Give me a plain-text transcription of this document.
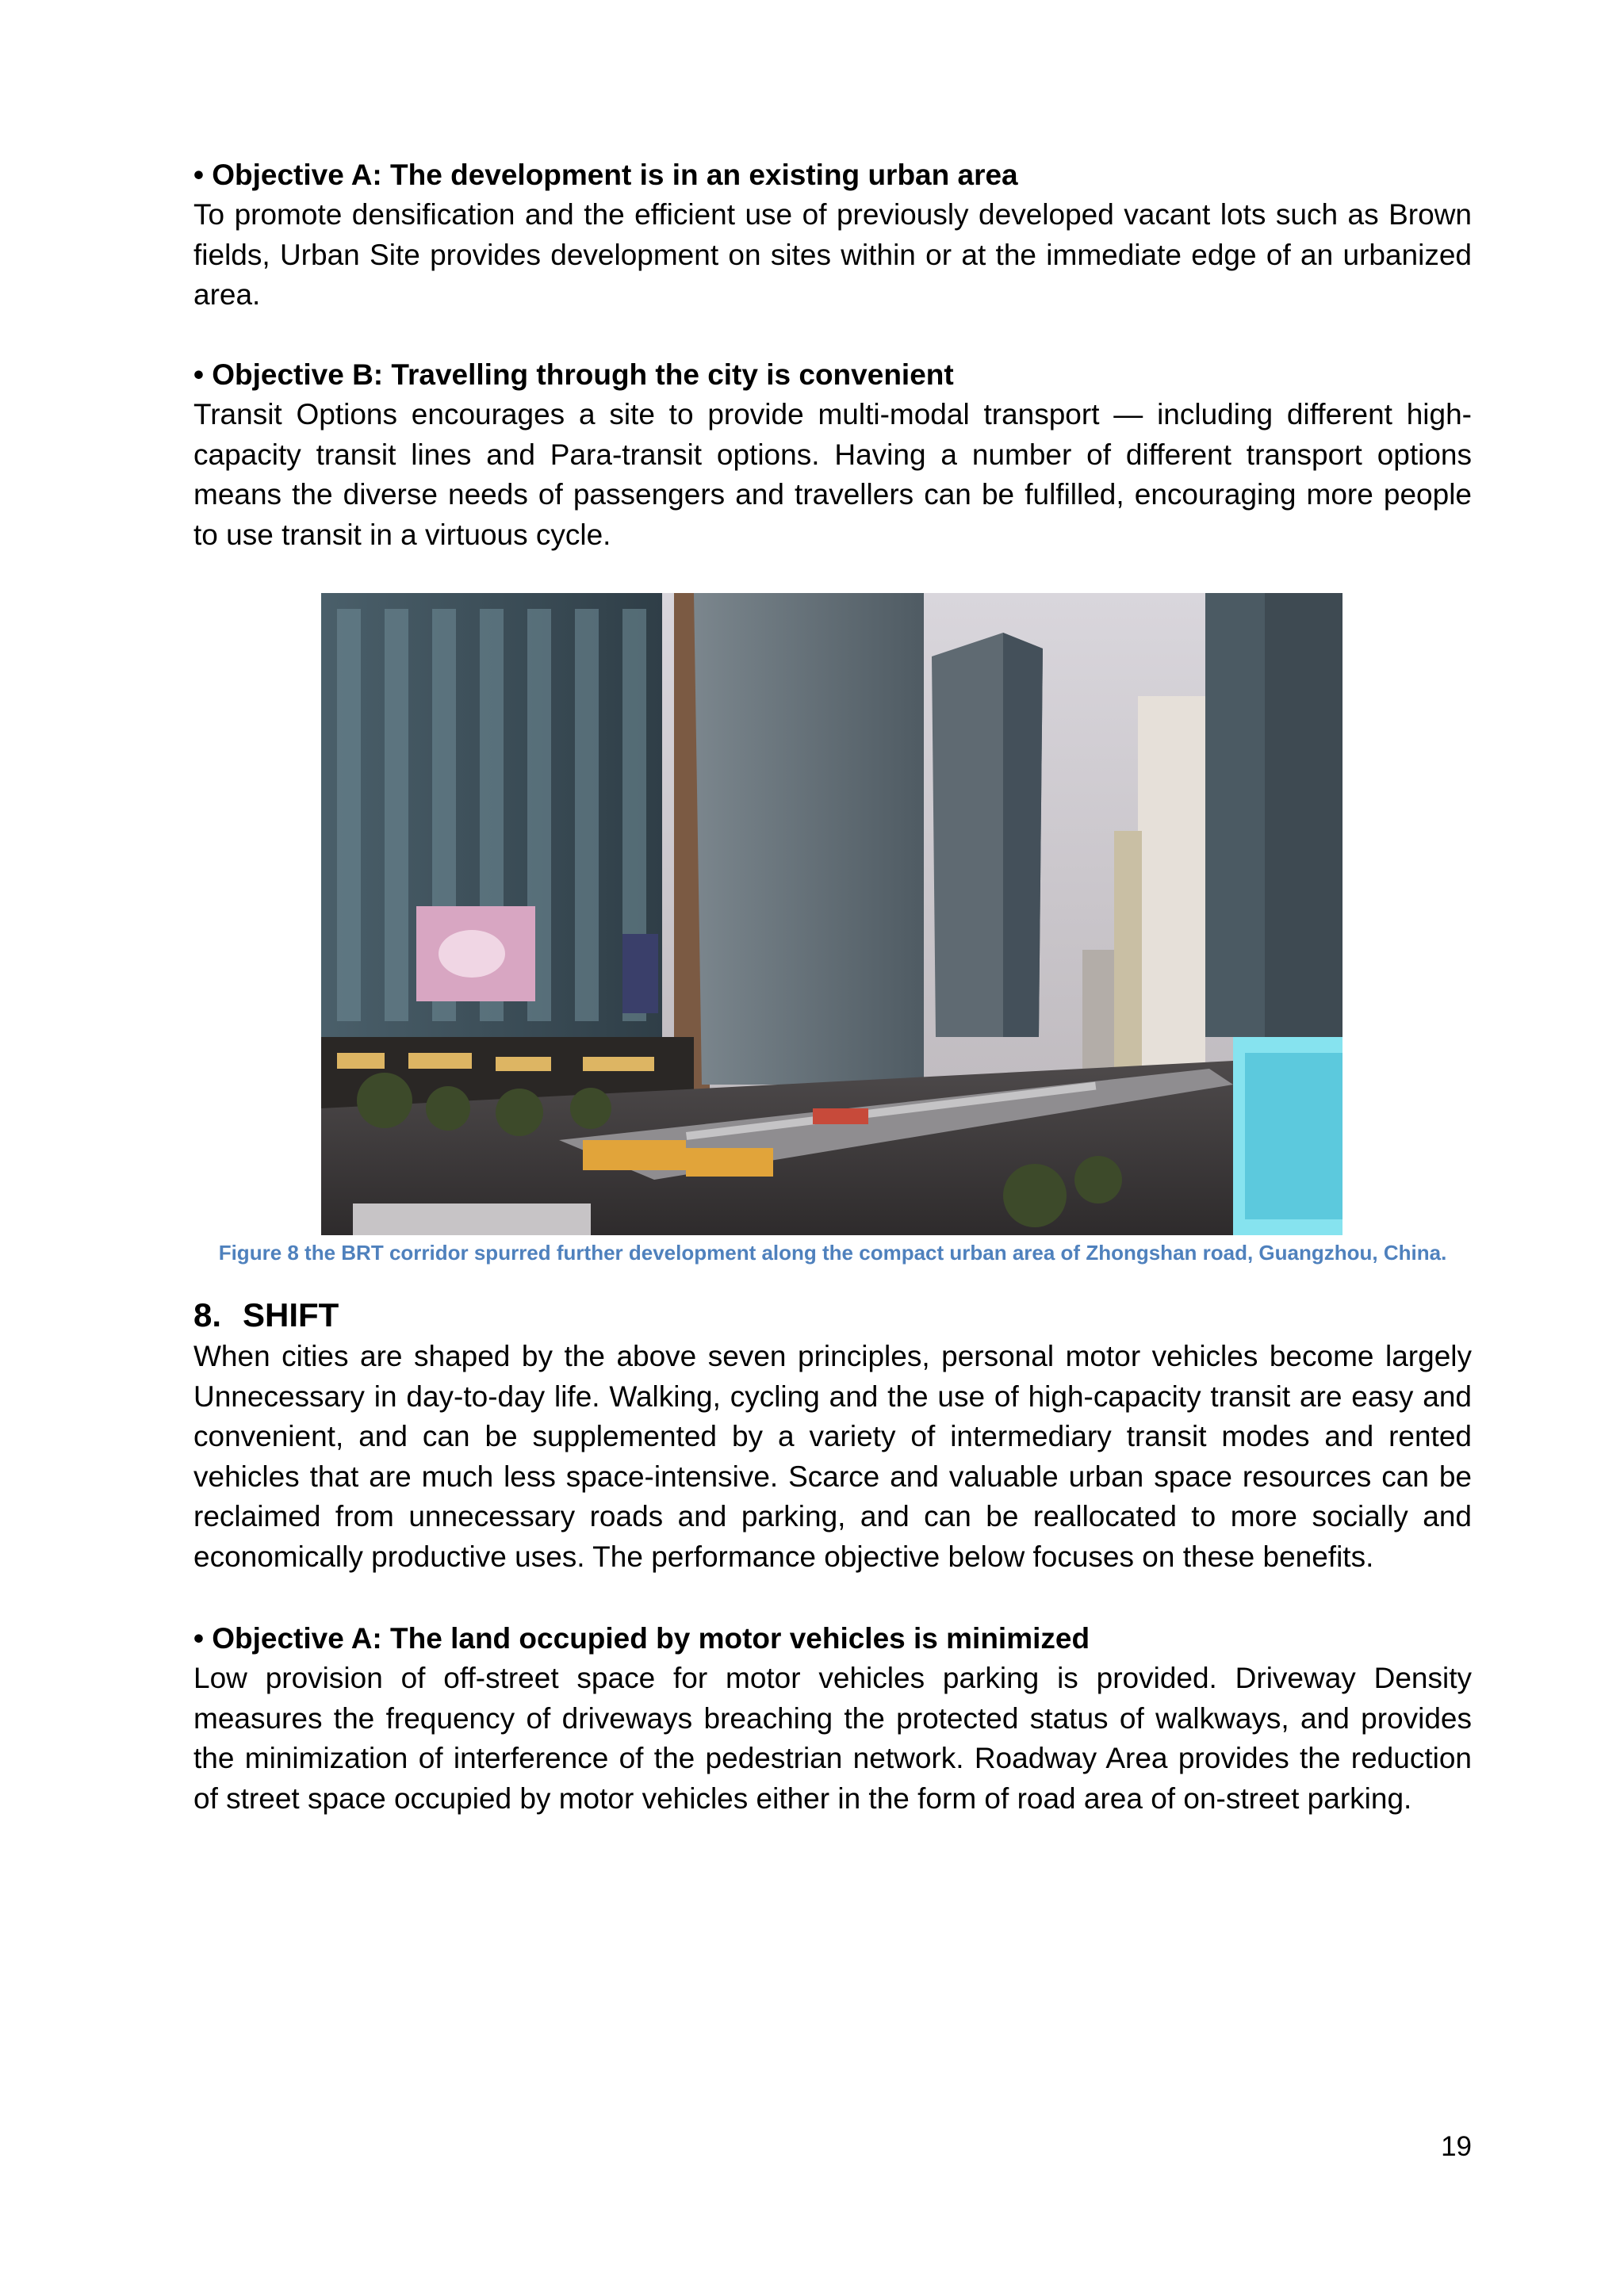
• Objective A: The development is in an existing urban area

To promote densification and the efficient use of previously developed vacant lots such as Brown fields, Urban Site provides development on sites within or at the immediate edge of an urbanized area.

• Objective B: Travelling through the city is convenient

Transit Options encourages a site to provide multi-modal transport — including different high-capacity transit lines and Para-transit options. Having a number of different transport options means the diverse needs of passengers and travellers can be fulfilled, encouraging more people to use transit in a virtuous cycle.

Figure 8 the BRT corridor spurred further development along the compact urban area of Zhongshan road, Guangzhou, China.

8. SHIFT

When cities are shaped by the above seven principles, personal motor vehicles become largely Unnecessary in day-to-day life. Walking, cycling and the use of high-capacity transit are easy and convenient, and can be supplemented by a variety of intermediary transit modes and rented vehicles that are much less space-intensive. Scarce and valuable urban space resources can be reclaimed from unnecessary roads and parking, and can be reallocated to more socially and economically productive uses. The performance objective below focuses on these benefits.

• Objective A: The land occupied by motor vehicles is minimized

Low provision of off-street space for motor vehicles parking is provided. Driveway Density measures the frequency of driveways breaching the protected status of walkways, and provides the minimization of interference of the pedestrian network. Roadway Area provides the reduction of street space occupied by motor vehicles either in the form of road area of on-street parking.

19
